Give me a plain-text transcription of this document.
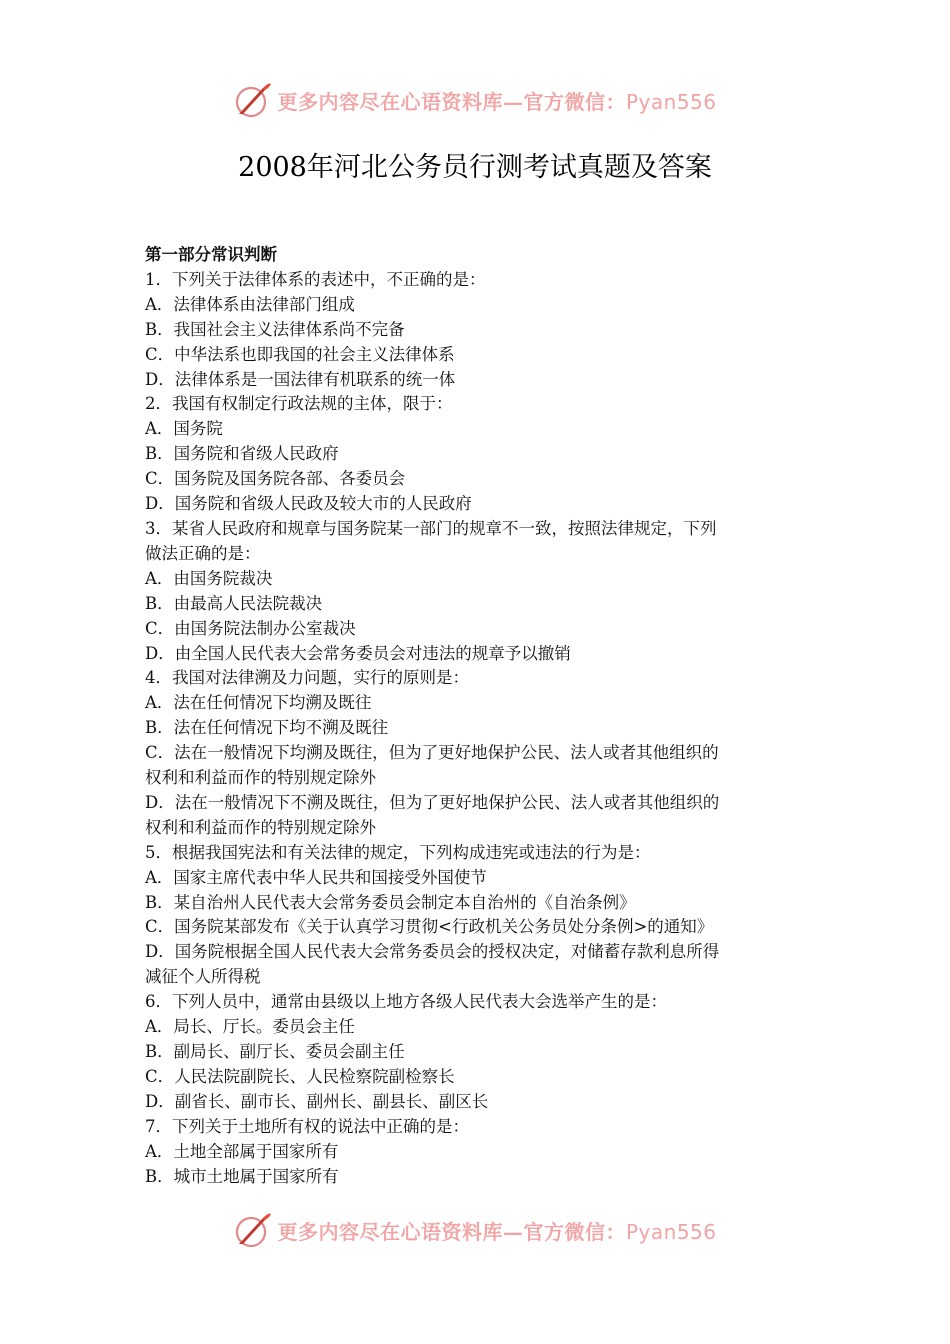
更多内容尽在心语资料库—官方微信：Pyan556
2008年河北公务员行测考试真题及答案

第一部分常识判断

1．下列关于法律体系的表述中，不正确的是：

A．法律体系由法律部门组成

B．我国社会主义法律体系尚不完备

C．中华法系也即我国的社会主义法律体系

D．法律体系是一国法律有机联系的统一体

2．我国有权制定行政法规的主体，限于：

A．国务院

B．国务院和省级人民政府

C．国务院及国务院各部、各委员会

D．国务院和省级人民政及较大市的人民政府

3．某省人民政府和规章与国务院某一部门的规章不一致，按照法律规定，下列

做法正确的是：

A．由国务院裁决

B．由最高人民法院裁决

C．由国务院法制办公室裁决

D．由全国人民代表大会常务委员会对违法的规章予以撤销

4．我国对法律溯及力问题，实行的原则是：

A．法在任何情况下均溯及既往

B．法在任何情况下均不溯及既往

C．法在一般情况下均溯及既往，但为了更好地保护公民、法人或者其他组织的

权利和利益而作的特别规定除外

D．法在一般情况下不溯及既往，但为了更好地保护公民、法人或者其他组织的

权利和利益而作的特别规定除外

5．根据我国宪法和有关法律的规定，下列构成违宪或违法的行为是：

A．国家主席代表中华人民共和国接受外国使节

B．某自治州人民代表大会常务委员会制定本自治州的《自治条例》

C．国务院某部发布《关于认真学习贯彻<行政机关公务员处分条例>的通知》

D．国务院根据全国人民代表大会常务委员会的授权决定，对储蓄存款利息所得

减征个人所得税

6．下列人员中，通常由县级以上地方各级人民代表大会选举产生的是：

A．局长、厅长。委员会主任

B．副局长、副厅长、委员会副主任

C．人民法院副院长、人民检察院副检察长

D．副省长、副市长、副州长、副县长、副区长

7．下列关于土地所有权的说法中正确的是：

A．土地全部属于国家所有

B．城市土地属于国家所有

更多内容尽在心语资料库—官方微信：Pyan556
